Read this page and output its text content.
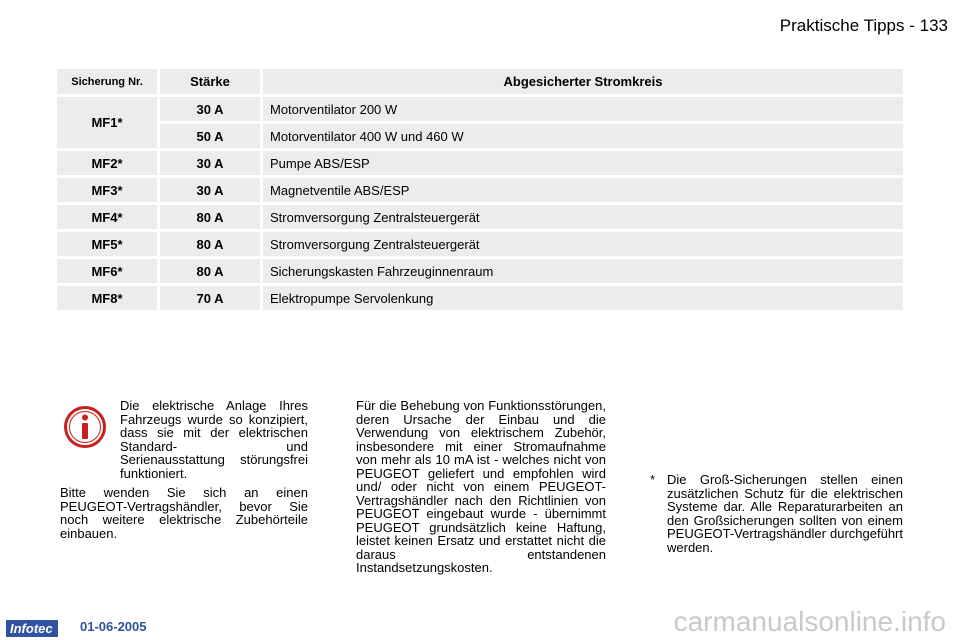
Praktische Tipps - 133
Sicherung Nr.	Stärke	Abgesicherter Stromkreis
MF1*
30 A	Motorventilator 200 W
50 A	Motorventilator 400 W und 460 W
MF2*	30 A	Pumpe ABS/ESP
MF3*	30 A	Magnetventile ABS/ESP
MF4*	80 A	Stromversorgung Zentralsteuergerät
MF5*	80 A	Stromversorgung Zentralsteuergerät
MF6*	80 A	Sicherungskasten Fahrzeuginnenraum
MF8*	70 A	Elektropumpe Servolenkung

Die elektrische Anlage Ihres Fahrzeugs wurde so konzipiert, dass sie mit der elektrischen Standard- und Serienausstattung störungsfrei funktioniert.

Bitte wenden Sie sich an einen PEUGEOT-Vertragshändler, bevor Sie noch weitere elektrische Zubehörteile einbauen.

Für die Behebung von Funktionsstörungen, deren Ursache der Einbau und die Verwendung von elektrischem Zubehör, insbesondere mit einer Stromaufnahme von mehr als 10 mA ist - welches nicht von PEUGEOT geliefert und empfohlen wird und/ oder nicht von einem PEUGEOT-Vertragshändler nach den Richtlinien von PEUGEOT eingebaut wurde - übernimmt PEUGEOT grundsätzlich keine Haftung, leistet keinen Ersatz und erstattet nicht die daraus entstandenen Instandsetzungskosten.

* Die Groß-Sicherungen stellen einen zusätzlichen Schutz für die elektrischen Systeme dar. Alle Reparaturarbeiten an den Großsicherungen sollten von einem PEUGEOT-Vertragshändler durchgeführt werden.
Infotec	01-06-2005	carmanualsonline.info
